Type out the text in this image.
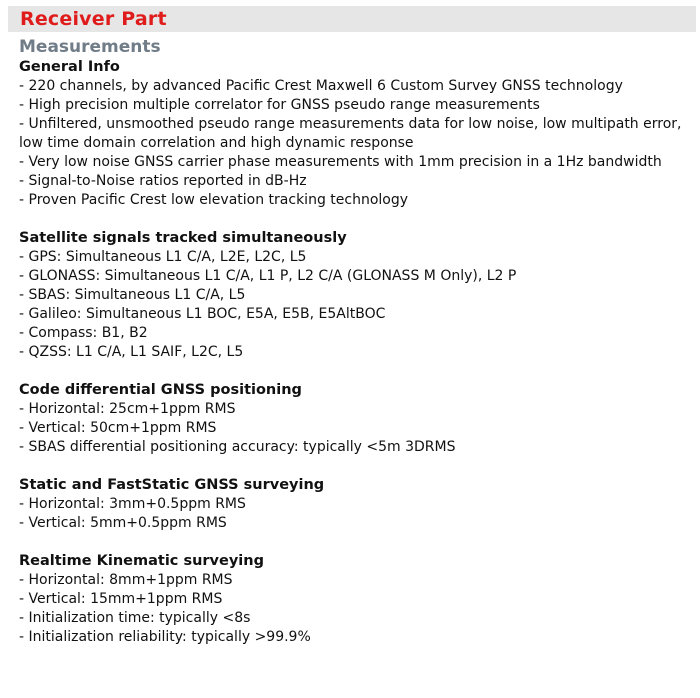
Receiver Part
Measurements
General Info
- 220 channels, by advanced Pacific Crest Maxwell 6 Custom Survey GNSS technology
- High precision multiple correlator for GNSS pseudo range measurements
- Unfiltered, unsmoothed pseudo range measurements data for low noise, low multipath error, low time domain correlation and high dynamic response
- Very low noise GNSS carrier phase measurements with 1mm precision in a 1Hz bandwidth
- Signal-to-Noise ratios reported in dB-Hz
- Proven Pacific Crest low elevation tracking technology
Satellite signals tracked simultaneously
- GPS: Simultaneous L1 C/A, L2E, L2C, L5
- GLONASS: Simultaneous L1 C/A, L1 P, L2 C/A (GLONASS M Only), L2 P
- SBAS: Simultaneous L1 C/A, L5
- Galileo: Simultaneous L1 BOC, E5A, E5B, E5AltBOC
- Compass: B1, B2
- QZSS: L1 C/A, L1 SAIF, L2C, L5
Code differential GNSS positioning
- Horizontal: 25cm+1ppm RMS
- Vertical: 50cm+1ppm RMS
- SBAS differential positioning accuracy: typically <5m 3DRMS
Static and FastStatic GNSS surveying
- Horizontal: 3mm+0.5ppm RMS
- Vertical: 5mm+0.5ppm RMS
Realtime Kinematic surveying
- Horizontal: 8mm+1ppm RMS
- Vertical: 15mm+1ppm RMS
- Initialization time: typically <8s
- Initialization reliability: typically >99.9%
